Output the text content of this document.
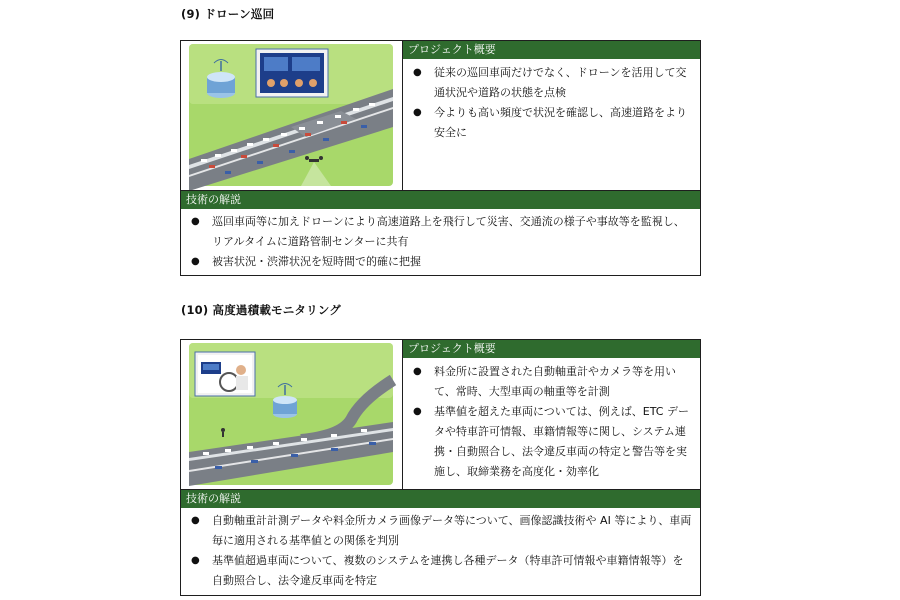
(9) ドローン巡回
プロジェクト概要
● 従来の巡回車両だけでなく、ドローンを活用して交通状況や道路の状態を点検
● 今よりも高い頻度で状況を確認し、高速道路をより安全に
技術の解説
● 巡回車両等に加えドローンにより高速道路上を飛行して災害、交通流の様子や事故等を監視し、リアルタイムに道路管制センターに共有
● 被害状況・渋滞状況を短時間で的確に把握
(10) 高度過積載モニタリング
プロジェクト概要
● 料金所に設置された自動軸重計やカメラ等を用いて、常時、大型車両の軸重等を計測
● 基準値を超えた車両については、例えば、ETC データや特車許可情報、車籍情報等に関し、システム連携・自動照合し、法令違反車両の特定と警告等を実施し、取締業務を高度化・効率化
技術の解説
● 自動軸重計計測データや料金所カメラ画像データ等について、画像認識技術や AI 等により、車両毎に適用される基準値との関係を判別
● 基準値超過車両について、複数のシステムを連携し各種データ（特車許可情報や車籍情報等）を自動照合し、法令違反車両を特定
